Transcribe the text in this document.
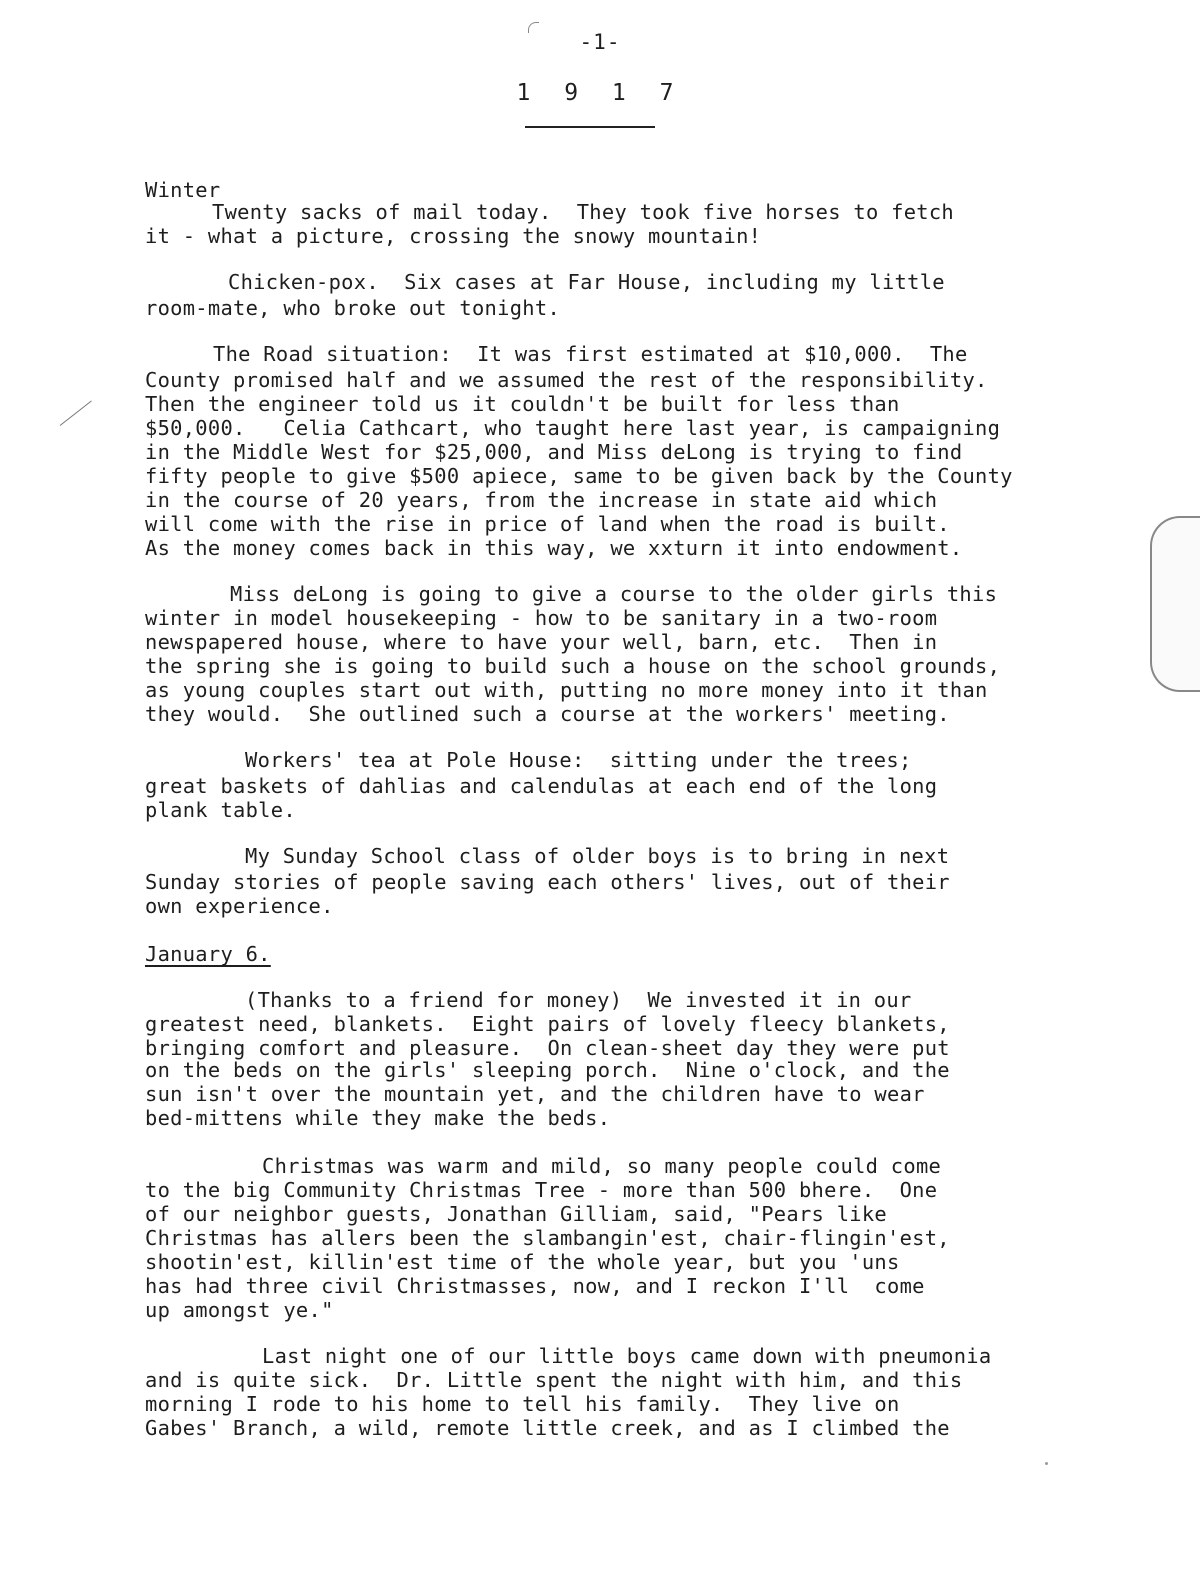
-1-
1 9 1 7
Winter
Twenty sacks of mail today.  They took five horses to fetch
it - what a picture, crossing the snowy mountain!
Chicken-pox.  Six cases at Far House, including my little
room-mate, who broke out tonight.
The Road situation:  It was first estimated at $10,000.  The
County promised half and we assumed the rest of the responsibility.
Then the engineer told us it couldn't be built for less than
$50,000.   Celia Cathcart, who taught here last year, is campaigning
in the Middle West for $25,000, and Miss deLong is trying to find
fifty people to give $500 apiece, same to be given back by the County
in the course of 20 years, from the increase in state aid which
will come with the rise in price of land when the road is built.
As the money comes back in this way, we xxturn it into endowment.
Miss deLong is going to give a course to the older girls this
winter in model housekeeping - how to be sanitary in a two-room
newspapered house, where to have your well, barn, etc.  Then in
the spring she is going to build such a house on the school grounds,
as young couples start out with, putting no more money into it than
they would.  She outlined such a course at the workers' meeting.
Workers' tea at Pole House:  sitting under the trees;
great baskets of dahlias and calendulas at each end of the long
plank table.
My Sunday School class of older boys is to bring in next
Sunday stories of people saving each others' lives, out of their
own experience.
January 6.
(Thanks to a friend for money)  We invested it in our
greatest need, blankets.  Eight pairs of lovely fleecy blankets,
bringing comfort and pleasure.  On clean-sheet day they were put
on the beds on the girls' sleeping porch.  Nine o'clock, and the
sun isn't over the mountain yet, and the children have to wear
bed-mittens while they make the beds.
Christmas was warm and mild, so many people could come
to the big Community Christmas Tree - more than 500 bhere.  One
of our neighbor guests, Jonathan Gilliam, said, "Pears like
Christmas has allers been the slambangin'est, chair-flingin'est,
shootin'est, killin'est time of the whole year, but you 'uns
has had three civil Christmasses, now, and I reckon I'll  come
up amongst ye."
Last night one of our little boys came down with pneumonia
and is quite sick.  Dr. Little spent the night with him, and this
morning I rode to his home to tell his family.  They live on
Gabes' Branch, a wild, remote little creek, and as I climbed the
